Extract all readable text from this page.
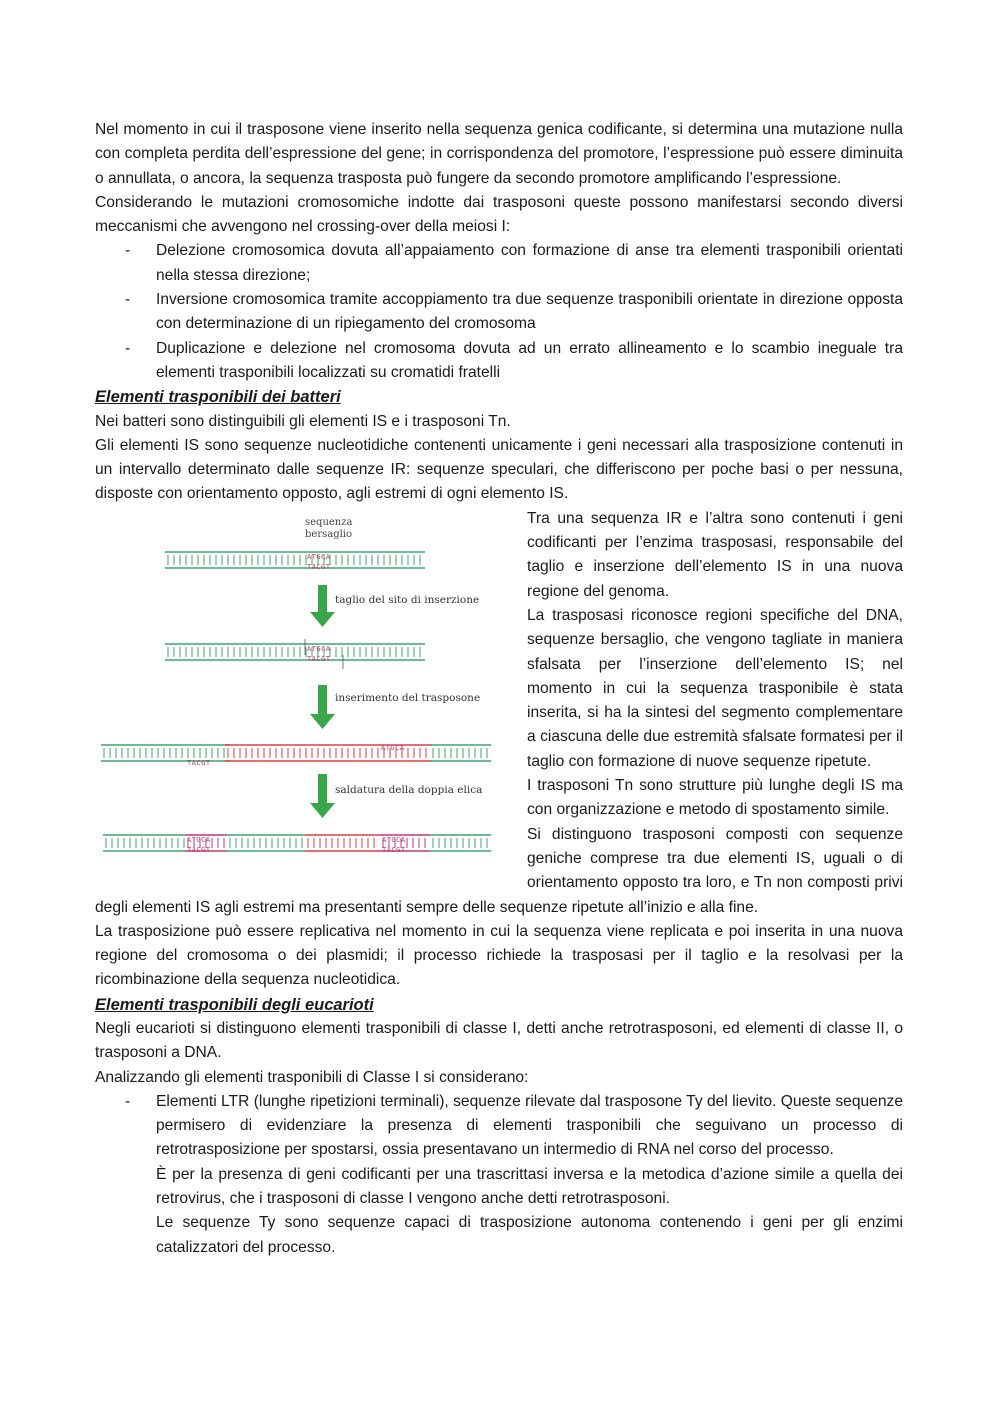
Nel momento in cui il trasposone viene inserito nella sequenza genica codificante, si determina una mutazione nulla con completa perdita dell’espressione del gene; in corrispondenza del promotore, l’espressione può essere diminuita o annullata, o ancora, la sequenza trasposta può fungere da secondo promotore amplificando l’espressione.

Considerando le mutazioni cromosomiche indotte dai trasposoni queste possono manifestarsi secondo diversi meccanismi che avvengono nel crossing-over della meiosi I:

- Delezione cromosomica dovuta all’appaiamento con formazione di anse tra elementi trasponibili orientati nella stessa direzione;
- Inversione cromosomica tramite accoppiamento tra due sequenze trasponibili orientate in direzione opposta con determinazione di un ripiegamento del cromosoma
- Duplicazione e delezione nel cromosoma dovuta ad un errato allineamento e lo scambio ineguale tra elementi trasponibili localizzati su cromatidi fratelli
Elementi trasponibili dei batteri

Nei batteri sono distinguibili gli elementi IS e i trasposoni Tn.

Gli elementi IS sono sequenze nucleotidiche contenenti unicamente i geni necessari alla trasposizione contenuti in un intervallo determinato dalle sequenze IR: sequenze speculari, che differiscono per poche basi o per nessuna, disposte con orientamento opposto, agli estremi di ogni elemento IS.

sequenza
bersaglio
ATGCA
TACGT
taglio del sito di inserzione
ATGCA
TACGT
inserimento del trasposone
TACGT
ATGCA
saldatura della doppia elica
ATGCA
TACGT
ATGCA
TACGT

Tra una sequenza IR e l’altra sono contenuti i geni codificanti per l’enzima trasposasi, responsabile del taglio e inserzione dell’elemento IS in una nuova regione del genoma.

La trasposasi riconosce regioni specifiche del DNA, sequenze bersaglio, che vengono tagliate in maniera sfalsata per l’inserzione dell’elemento IS; nel momento in cui la sequenza trasponibile è stata inserita, si ha la sintesi del segmento complementare a ciascuna delle due estremità sfalsate formatesi per il taglio con formazione di nuove sequenze ripetute.

I trasposoni Tn sono strutture più lunghe degli IS ma con organizzazione e metodo di spostamento simile.

Si distinguono trasposoni composti con sequenze geniche comprese tra due elementi IS, uguali o di orientamento opposto tra loro, e Tn non composti privi degli elementi IS agli estremi ma presentanti sempre delle sequenze ripetute all’inizio e alla fine.

La trasposizione può essere replicativa nel momento in cui la sequenza viene replicata e poi inserita in una nuova regione del cromosoma o dei plasmidi; il processo richiede la trasposasi per il taglio e la resolvasi per la ricombinazione della sequenza nucleotidica.

Elementi trasponibili degli eucarioti

Negli eucarioti si distinguono elementi trasponibili di classe I, detti anche retrotrasposoni, ed elementi di classe II, o trasposoni a DNA.

Analizzando gli elementi trasponibili di Classe I si considerano:

- Elementi LTR (lunghe ripetizioni terminali), sequenze rilevate dal trasposone Ty del lievito. Queste sequenze permisero di evidenziare la presenza di elementi trasponibili che seguivano un processo di retrotrasposizione per spostarsi, ossia presentavano un intermedio di RNA nel corso del processo.

È per la presenza di geni codificanti per una trascrittasi inversa e la metodica d’azione simile a quella dei retrovirus, che i trasposoni di classe I vengono anche detti retrotrasposoni.

Le sequenze Ty sono sequenze capaci di trasposizione autonoma contenendo i geni per gli enzimi catalizzatori del processo.
